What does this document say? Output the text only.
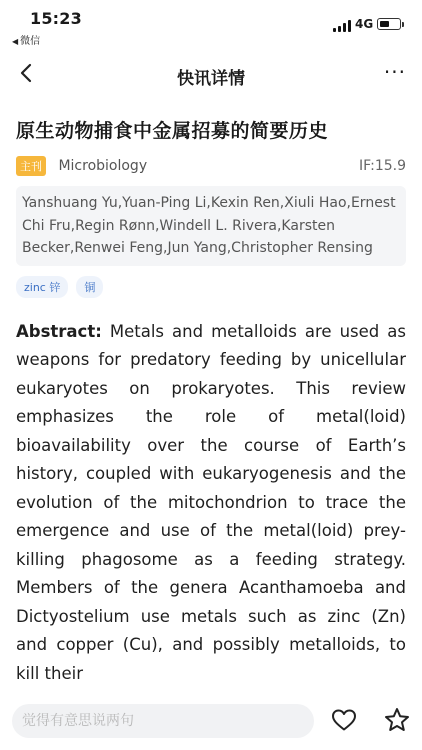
15:23
◀ 微信
4G
快讯详情	···
原生动物捕食中金属招募的简要历史
主刊 Microbiology	IF:15.9
Yanshuang Yu,Yuan-Ping Li,Kexin Ren,Xiuli Hao,Ernest Chi Fru,Regin Rønn,Windell L. Rivera,Karsten Becker,Renwei Feng,Jun Yang,Christopher Rensing
zinc 锌	铜
Abstract: Metals and metalloids are used as weapons for predatory feeding by unicellular eukaryotes on prokaryotes. This review emphasizes the role of metal(loid) bioavailability over the course of Earth’s history, coupled with eukaryogenesis and the evolution of the mitochondrion to trace the emergence and use of the metal(loid) prey-killing phagosome as a feeding strategy. Members of the genera Acanthamoeba and Dictyostelium use metals such as zinc (Zn) and copper (Cu), and possibly metalloids, to kill their
觉得有意思说两句
